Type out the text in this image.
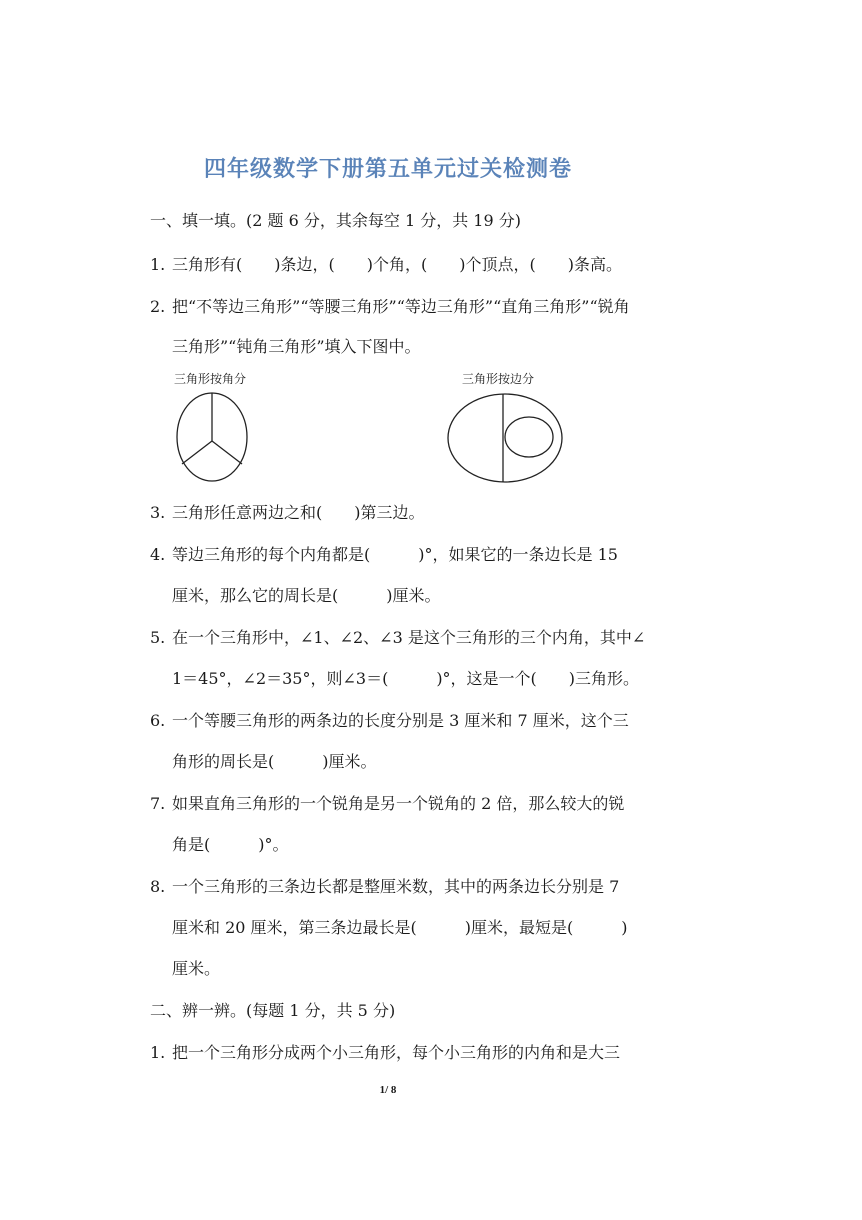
四年级数学下册第五单元过关检测卷
一、填一填。(2 题 6 分，其余每空 1 分，共 19 分)
1. 三角形有(　　)条边，(　　)个角，(　　)个顶点，(　　)条高。
2. 把“不等边三角形”“等腰三角形”“等边三角形”“直角三角形”“锐角
三角形”“钝角三角形”填入下图中。
三角形按角分	三角形按边分
3. 三角形任意两边之和(　　)第三边。
4. 等边三角形的每个内角都是(　　　)°，如果它的一条边长是 15
厘米，那么它的周长是(　　　)厘米。
5. 在一个三角形中，∠1、∠2、∠3 是这个三角形的三个内角，其中∠
1＝45°，∠2＝35°，则∠3＝(　　　)°，这是一个(　　)三角形。
6. 一个等腰三角形的两条边的长度分别是 3 厘米和 7 厘米，这个三
角形的周长是(　　　)厘米。
7. 如果直角三角形的一个锐角是另一个锐角的 2 倍，那么较大的锐
角是(　　　)°。
8. 一个三角形的三条边长都是整厘米数，其中的两条边长分别是 7
厘米和 20 厘米，第三条边最长是(　　　)厘米，最短是(　　　)
厘米。
二、辨一辨。(每题 1 分，共 5 分)
1. 把一个三角形分成两个小三角形，每个小三角形的内角和是大三
1/ 8
